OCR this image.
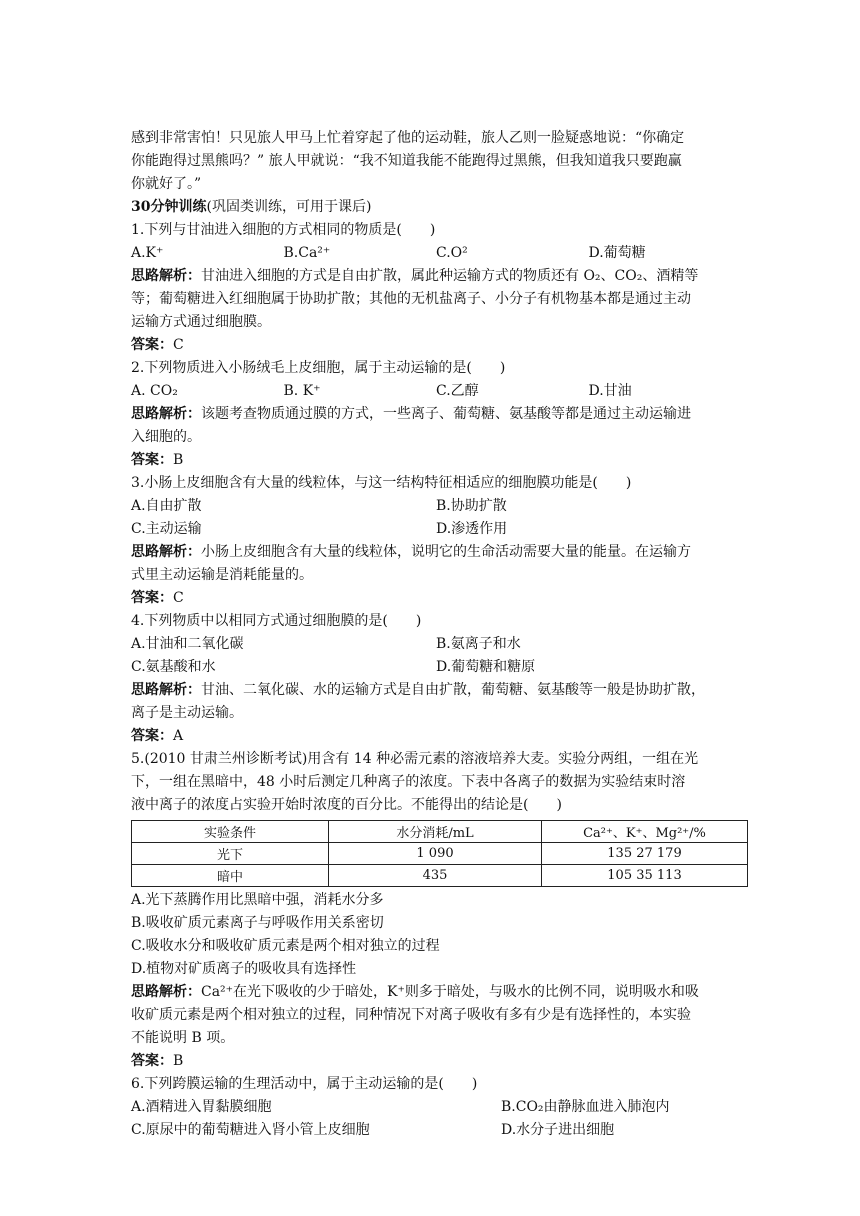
感到非常害怕！只见旅人甲马上忙着穿起了他的运动鞋，旅人乙则一脸疑惑地说：“你确定
你能跑得过黑熊吗？” 旅人甲就说：“我不知道我能不能跑得过黑熊，但我知道我只要跑赢
你就好了。”
30分钟训练(巩固类训练，可用于课后)
1.下列与甘油进入细胞的方式相同的物质是(　　)
A.K⁺	B.Ca²⁺	C.O²	D.葡萄糖
思路解析：甘油进入细胞的方式是自由扩散，属此种运输方式的物质还有 O₂、CO₂、酒精等
等；葡萄糖进入红细胞属于协助扩散；其他的无机盐离子、小分子有机物基本都是通过主动
运输方式通过细胞膜。
答案：C
2.下列物质进入小肠绒毛上皮细胞，属于主动运输的是(　　)
A. CO₂	B. K⁺	C.乙醇	D.甘油
思路解析：该题考查物质通过膜的方式，一些离子、葡萄糖、氨基酸等都是通过主动运输进
入细胞的。
答案：B
3.小肠上皮细胞含有大量的线粒体，与这一结构特征相适应的细胞膜功能是(　　)
A.自由扩散	B.协助扩散
C.主动运输	D.渗透作用
思路解析：小肠上皮细胞含有大量的线粒体，说明它的生命活动需要大量的能量。在运输方
式里主动运输是消耗能量的。
答案：C
4.下列物质中以相同方式通过细胞膜的是(　　)
A.甘油和二氧化碳	B.氨离子和水
C.氨基酸和水	D.葡萄糖和糖原
思路解析：甘油、二氧化碳、水的运输方式是自由扩散，葡萄糖、氨基酸等一般是协助扩散，
离子是主动运输。
答案：A
5.(2010 甘肃兰州诊断考试)用含有 14 种必需元素的溶液培养大麦。实验分两组，一组在光
下，一组在黑暗中，48 小时后测定几种离子的浓度。下表中各离子的数据为实验结束时溶
液中离子的浓度占实验开始时浓度的百分比。不能得出的结论是(　　)
实验条件	水分消耗/mL	Ca²⁺、K⁺、Mg²⁺/%
光下	1 090	135 27 179
暗中	435	105 35 113
A.光下蒸腾作用比黑暗中强，消耗水分多
B.吸收矿质元素离子与呼吸作用关系密切
C.吸收水分和吸收矿质元素是两个相对独立的过程
D.植物对矿质离子的吸收具有选择性
思路解析：Ca²⁺在光下吸收的少于暗处，K⁺则多于暗处，与吸水的比例不同，说明吸水和吸
收矿质元素是两个相对独立的过程，同种情况下对离子吸收有多有少是有选择性的，本实验
不能说明 B 项。
答案：B
6.下列跨膜运输的生理活动中，属于主动运输的是(　　)
A.酒精进入胃黏膜细胞	B.CO₂由静脉血进入肺泡内
C.原尿中的葡萄糖进入肾小管上皮细胞	D.水分子进出细胞
